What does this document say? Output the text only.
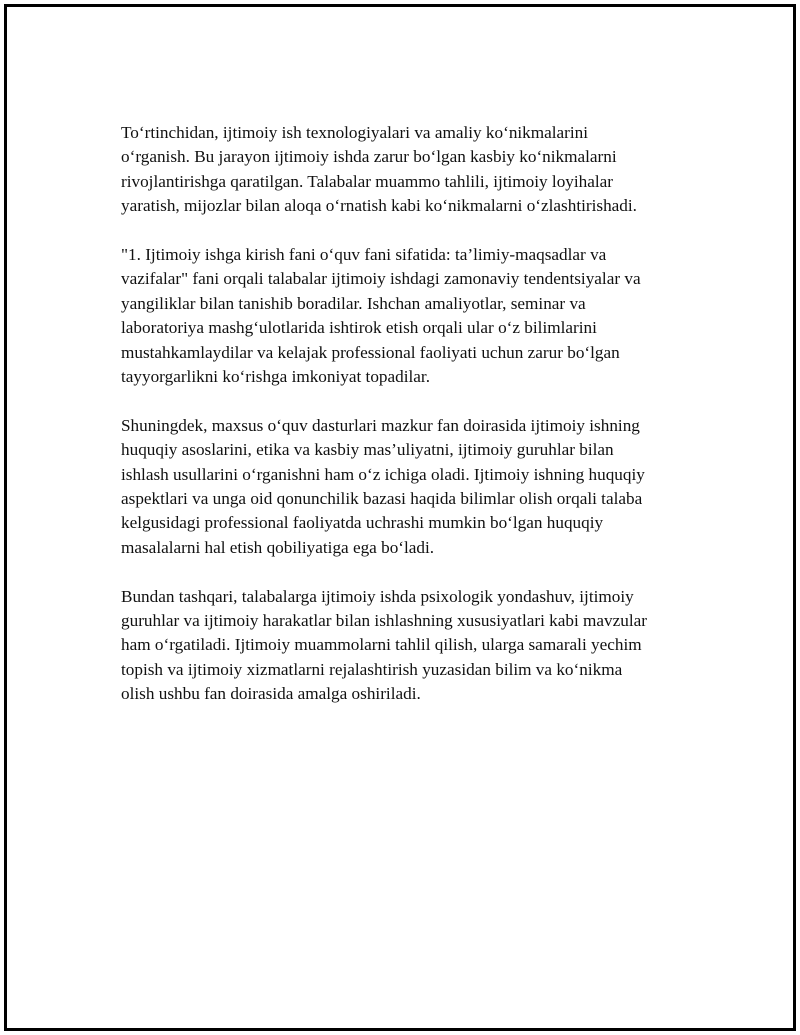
To‘rtinchidan, ijtimoiy ish texnologiyalari va amaliy ko‘nikmalarini
o‘rganish. Bu jarayon ijtimoiy ishda zarur bo‘lgan kasbiy ko‘nikmalarni
rivojlantirishga qaratilgan. Talabalar muammo tahlili, ijtimoiy loyihalar
yaratish, mijozlar bilan aloqa o‘rnatish kabi ko‘nikmalarni o‘zlashtirishadi.

"1. Ijtimoiy ishga kirish fani o‘quv fani sifatida: ta’limiy-maqsadlar va
vazifalar" fani orqali talabalar ijtimoiy ishdagi zamonaviy tendentsiyalar va
yangiliklar bilan tanishib boradilar. Ishchan amaliyotlar, seminar va
laboratoriya mashg‘ulotlarida ishtirok etish orqali ular o‘z bilimlarini
mustahkamlaydilar va kelajak professional faoliyati uchun zarur bo‘lgan
tayyorgarlikni ko‘rishga imkoniyat topadilar.

Shuningdek, maxsus o‘quv dasturlari mazkur fan doirasida ijtimoiy ishning
huquqiy asoslarini, etika va kasbiy mas’uliyatni, ijtimoiy guruhlar bilan
ishlash usullarini o‘rganishni ham o‘z ichiga oladi. Ijtimoiy ishning huquqiy
aspektlari va unga oid qonunchilik bazasi haqida bilimlar olish orqali talaba
kelgusidagi professional faoliyatda uchrashi mumkin bo‘lgan huquqiy
masalalarni hal etish qobiliyatiga ega bo‘ladi.

Bundan tashqari, talabalarga ijtimoiy ishda psixologik yondashuv, ijtimoiy
guruhlar va ijtimoiy harakatlar bilan ishlashning xususiyatlari kabi mavzular
ham o‘rgatiladi. Ijtimoiy muammolarni tahlil qilish, ularga samarali yechim
topish va ijtimoiy xizmatlarni rejalashtirish yuzasidan bilim va ko‘nikma
olish ushbu fan doirasida amalga oshiriladi.
